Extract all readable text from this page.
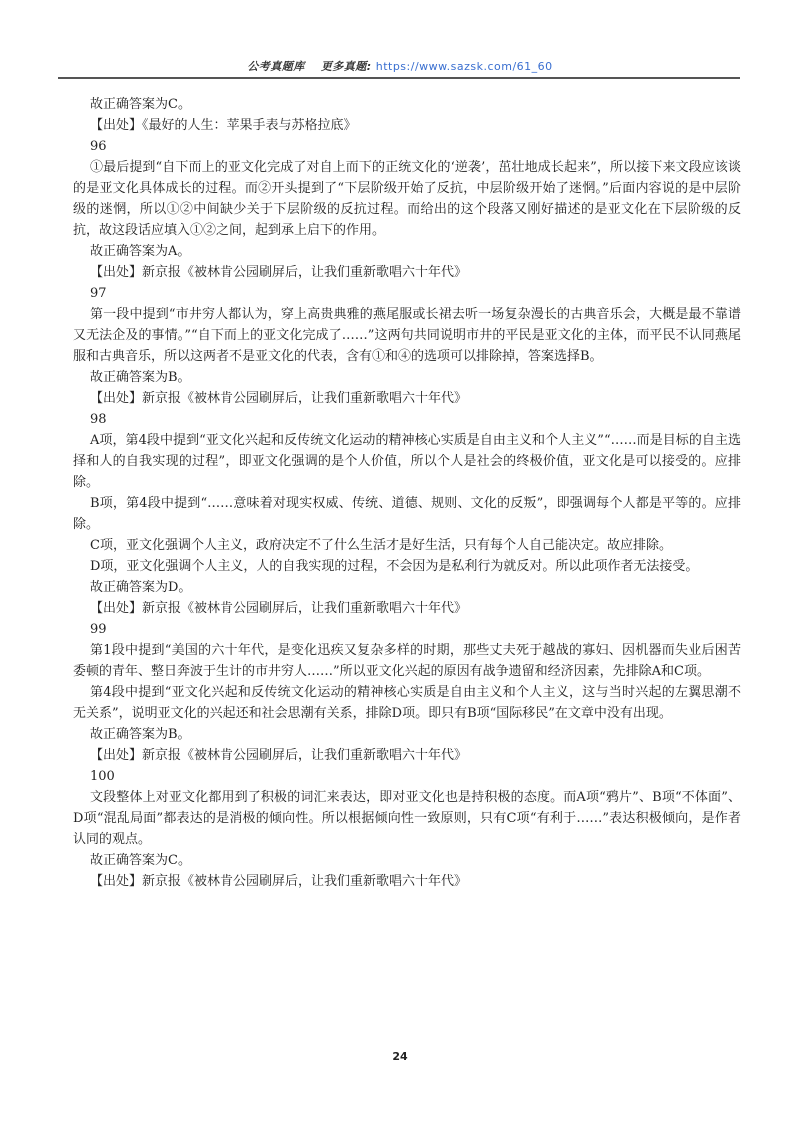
公考真题库 更多真题: https://www.sazsk.com/61_60

故正确答案为C。

【出处】《最好的人生：苹果手表与苏格拉底》

96

①最后提到“自下而上的亚文化完成了对自上而下的正统文化的‘逆袭’，茁壮地成长起来”，所以接下来文段应该谈的是亚文化具体成长的过程。而②开头提到了“下层阶级开始了反抗，中层阶级开始了迷惘。”后面内容说的是中层阶级的迷惘，所以①②中间缺少关于下层阶级的反抗过程。而给出的这个段落又刚好描述的是亚文化在下层阶级的反抗，故这段话应填入①②之间，起到承上启下的作用。

故正确答案为A。

【出处】新京报《被林肯公园刷屏后，让我们重新歌唱六十年代》

97

第一段中提到“市井穷人都认为，穿上高贵典雅的燕尾服或长裙去听一场复杂漫长的古典音乐会，大概是最不靠谱又无法企及的事情。”“自下而上的亚文化完成了……”这两句共同说明市井的平民是亚文化的主体，而平民不认同燕尾服和古典音乐，所以这两者不是亚文化的代表，含有①和④的选项可以排除掉，答案选择B。

故正确答案为B。

【出处】新京报《被林肯公园刷屏后，让我们重新歌唱六十年代》

98

A项，第4段中提到“亚文化兴起和反传统文化运动的精神核心实质是自由主义和个人主义”“……而是目标的自主选择和人的自我实现的过程”，即亚文化强调的是个人价值，所以个人是社会的终极价值，亚文化是可以接受的。应排除。

B项，第4段中提到“……意味着对现实权威、传统、道德、规则、文化的反叛”，即强调每个人都是平等的。应排除。

C项，亚文化强调个人主义，政府决定不了什么生活才是好生活，只有每个人自己能决定。故应排除。

D项，亚文化强调个人主义，人的自我实现的过程，不会因为是私利行为就反对。所以此项作者无法接受。

故正确答案为D。

【出处】新京报《被林肯公园刷屏后，让我们重新歌唱六十年代》

99

第1段中提到“美国的六十年代，是变化迅疾又复杂多样的时期，那些丈夫死于越战的寡妇、因机器而失业后困苦委顿的青年、整日奔波于生计的市井穷人……”所以亚文化兴起的原因有战争遗留和经济因素，先排除A和C项。

第4段中提到“亚文化兴起和反传统文化运动的精神核心实质是自由主义和个人主义，这与当时兴起的左翼思潮不无关系”，说明亚文化的兴起还和社会思潮有关系，排除D项。即只有B项“国际移民”在文章中没有出现。

故正确答案为B。

【出处】新京报《被林肯公园刷屏后，让我们重新歌唱六十年代》

100

文段整体上对亚文化都用到了积极的词汇来表达，即对亚文化也是持积极的态度。而A项“鸦片”、B项“不体面”、D项“混乱局面”都表达的是消极的倾向性。所以根据倾向性一致原则，只有C项“有利于……”表达积极倾向，是作者认同的观点。

故正确答案为C。

【出处】新京报《被林肯公园刷屏后，让我们重新歌唱六十年代》

24
